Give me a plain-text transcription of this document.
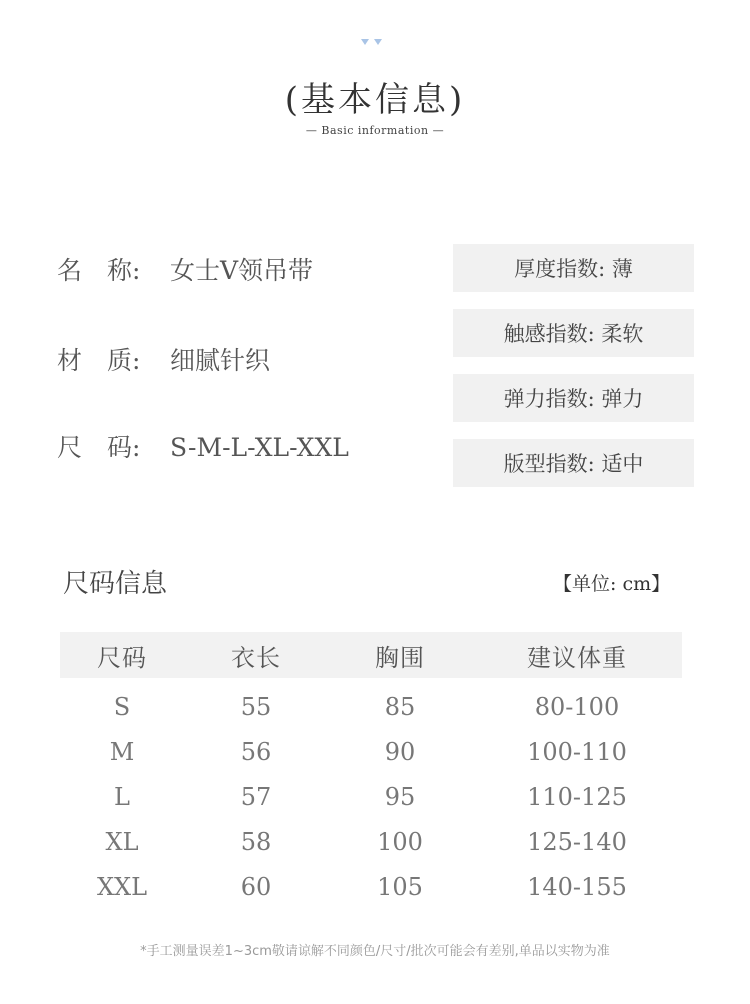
(基本信息)
— Basic information —
名　称: 女士V领吊带
材　质: 细腻针织
尺　码: S-M-L-XL-XXL
厚度指数: 薄
触感指数: 柔软
弹力指数: 弹力
版型指数: 适中
尺码信息	【单位: cm】
尺码	衣长	胸围	建议体重
S	55	85	80-100
M	56	90	100-110
L	57	95	110-125
XL	58	100	125-140
XXL	60	105	140-155
*手工测量误差1~3cm敬请谅解不同颜色/尺寸/批次可能会有差别,单品以实物为准
